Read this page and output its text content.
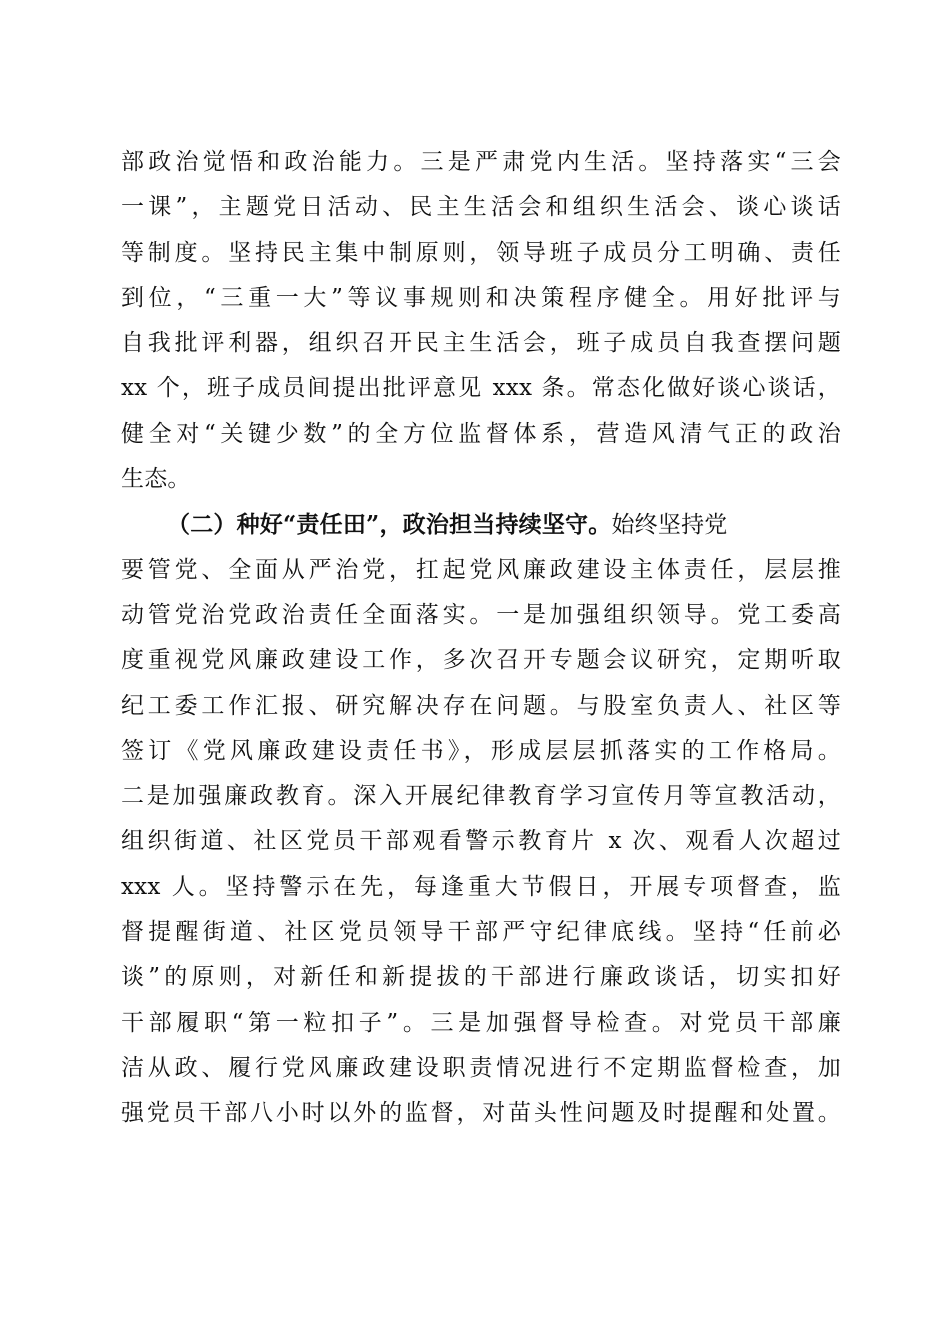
部政治觉悟和政治能力。三是严肃党内生活。坚持落实“三会
一课”，主题党日活动、民主生活会和组织生活会、谈心谈话
等制度。坚持民主集中制原则，领导班子成员分工明确、责任
到位，“三重一大”等议事规则和决策程序健全。用好批评与
自我批评利器，组织召开民主生活会，班子成员自我查摆问题
xx 个，班子成员间提出批评意见 xxx 条。常态化做好谈心谈话，
健全对“关键少数”的全方位监督体系，营造风清气正的政治
生态。
（二）种好“责任田”，政治担当持续坚守。始终坚持党
要管党、全面从严治党，扛起党风廉政建设主体责任，层层推
动管党治党政治责任全面落实。一是加强组织领导。党工委高
度重视党风廉政建设工作，多次召开专题会议研究，定期听取
纪工委工作汇报、研究解决存在问题。与股室负责人、社区等
签订《党风廉政建设责任书》，形成层层抓落实的工作格局。
二是加强廉政教育。深入开展纪律教育学习宣传月等宣教活动，
组织街道、社区党员干部观看警示教育片 x 次、观看人次超过
xxx 人。坚持警示在先，每逢重大节假日，开展专项督查，监
督提醒街道、社区党员领导干部严守纪律底线。坚持“任前必
谈”的原则，对新任和新提拔的干部进行廉政谈话，切实扣好
干部履职“第一粒扣子”。三是加强督导检查。对党员干部廉
洁从政、履行党风廉政建设职责情况进行不定期监督检查，加
强党员干部八小时以外的监督，对苗头性问题及时提醒和处置。
